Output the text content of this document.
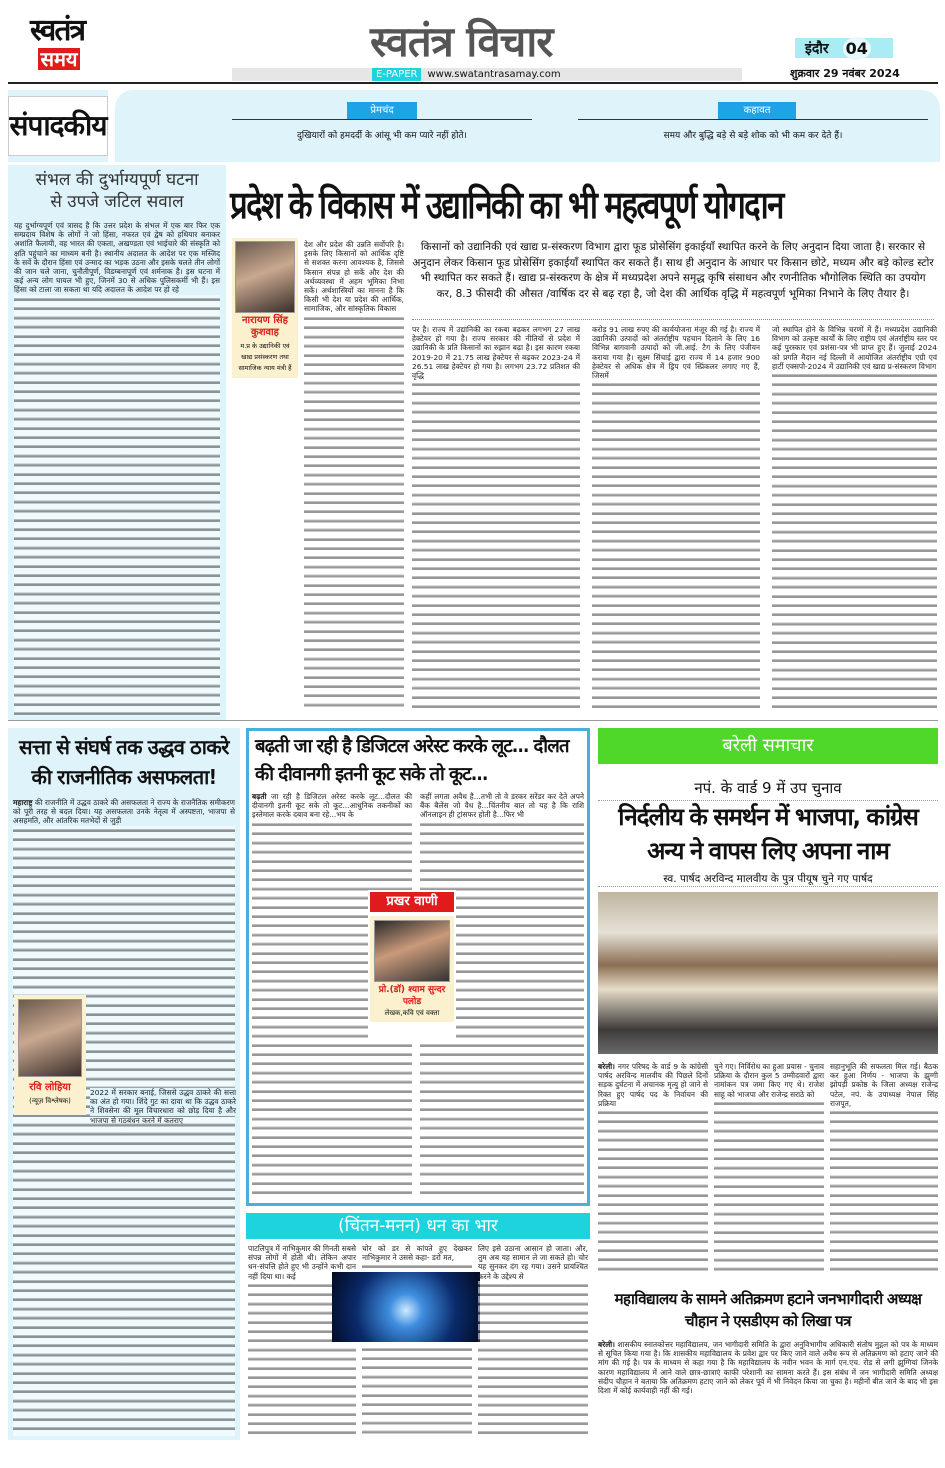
स्वतंत्र
समय	स्वतंत्र विचार
E-PAPER	www.swatantrasamay.com
इंदौर 04
शुक्रवार 29 नवंबर 2024
संपादकीय	प्रेमचंद
दुखियारों को हमदर्दी के आंसू भी कम प्यारे नहीं होते।
कहावत
समय और बुद्धि बड़े से बड़े शोक को भी कम कर देते हैं।
संभल की दुर्भाग्यपूर्ण घटना से उपजे जटिल सवाल
यह दुर्भाग्यपूर्ण एवं त्रासद है कि उत्तर प्रदेश के संभल में एक बार फिर एक सम्प्रदाय विशेष के लोगों ने जो हिंसा, नफरत एवं द्वेष को हथियार बनाकर अशांति फैलायी, वह भारत की एकता, अखण्डता एवं भाईचारे की संस्कृति को क्षति पहुंचाने का माध्यम बनी है। स्थानीय अदालत के आदेश पर एक मस्जिद के सर्वे के दौरान हिंसा एवं उन्माद का भड़क उठना और इसके चलते तीन लोगों की जान चले जाना, चुनौतीपूर्ण, विडम्बनापूर्ण एवं शर्मनाक है। इस घटना में कई अन्य लोग घायल भी हुए, जिनमें 30 से अधिक पुलिसकर्मी भी हैं। इस हिंसा को टाला जा सकता था यदि अदालत के आदेश पर हो रहे
प्रदेश के विकास में उद्यानिकी का भी महत्वपूर्ण योगदान
किसानों को उद्यानिकी एवं खाद्य प्र-संस्करण विभाग द्वारा फूड प्रोसेसिंग इकाईयाँ स्थापित करने के लिए अनुदान दिया जाता है। सरकार से अनुदान लेकर किसान फूड प्रोसेसिंग इकाईयाँ स्थापित कर सकते हैं। साथ ही अनुदान के आधार पर किसान छोटे, मध्यम और बड़े कोल्ड स्टोर भी स्थापित कर सकते हैं। खाद्य प्र-संस्करण के क्षेत्र में मध्यप्रदेश अपने समृद्ध कृषि संसाधन और रणनीतिक भौगोलिक स्थिति का उपयोग कर, 8.3 फीसदी की औसत /वार्षिक दर से बढ़ रहा है, जो देश की आर्थिक वृद्धि में महत्वपूर्ण भूमिका निभाने के लिए तैयार है।
नारायण सिंह कुशवाह
म.प्र के उद्यानिकी एवं खाद्य प्रसंस्करण तथा सामाजिक न्याय मंत्री हैं
देश और प्रदेश की उन्नति सर्वोपरि है। इसके लिए किसानों को आर्थिक दृष्टि से सशक्त करना आवश्यक है, जिससे किसान संपन्न हो सकें और देश की अर्थव्यवस्था में अहम भूमिका निभा सकें। अर्थशास्त्रियों का मानना है कि किसी भी देश या प्रदेश की आर्थिक, सामाजिक, और सांस्कृतिक विकास
पर है। राज्य में उद्यानिकी का रकबा बढ़कर लगभग 27 लाख हेक्टेयर हो गया है। राज्य सरकार की नीतियों से प्रदेश में उद्यानिकी के प्रति किसानों का रुझान बढ़ा है। इस कारण रकबा 2019-20 में 21.75 लाख हेक्टेयर से बढ़कर 2023-24 में 26.51 लाख हेक्टेयर हो गया है। लगभग 23.72 प्रतिशत की वृद्धि
करोड़ 91 लाख रुपए की कार्ययोजना मंजूर की गई है। राज्य में उद्यानिकी उत्पादों को अंतर्राष्ट्रीय पहचान दिलाने के लिए 16 विभिन्न बागवानी उत्पादों को जी.आई. टैग के लिए पंजीयन कराया गया है। सूक्ष्म सिंचाई द्वारा राज्य में 14 हजार 900 हेक्टेयर से अधिक क्षेत्र में ड्रिप एवं स्प्रिंकलर लगाए गए हैं, जिसमें
जो स्थापित होने के विभिन्न चरणों में हैं। मध्यप्रदेश उद्यानिकी विभाग को उत्कृष्ट कार्यों के लिए राष्ट्रीय एवं अंतर्राष्ट्रीय स्तर पर कई पुरस्कार एवं प्रशंसा-पत्र भी प्राप्त हुए हैं। जुलाई 2024 को प्रगति मैदान नई दिल्ली में आयोजित अंतर्राष्ट्रीय एग्री एवं हार्टी एक्सपो-2024 में उद्यानिकी एवं खाद्य प्र-संस्करण विभाग
सत्ता से संघर्ष तक उद्धव ठाकरे की राजनीतिक असफलता!
महाराष्ट्र की राजनीति में उद्धव ठाकरे की असफलता ने राज्य के राजनैतिक समीकरण को पूरी तरह से बदल दिया। यह असफलता उनके नेतृत्व में अस्पष्टता, भाजपा से असहमति, और आंतरिक मतभेदों से जुड़ी
रवि लोहिया
(न्यूज़ विश्लेषक)
2022 में सरकार बनाई, जिससे उद्धव ठाकरे की सत्ता का अंत हो गया। शिंदे गुट का दावा था कि उद्धव ठाकरे ने शिवसेना की मूल विचारधारा को छोड़ दिया है और भाजपा से गठबंधन करने में कतराए
बढ़ती जा रही है डिजिटल अरेस्ट करके लूट... दौलत की दीवानगी इतनी कूट सके तो कूट...
बढ़ती जा रही है डिजिटल अरेस्ट करके लूट...दौलत की दीवानगी इतनी कूट सके तो कूट...आधुनिक तकनीकों का इस्तेमाल करके दबाव बना रहे...भय के
कहीं लगता अवैध है...तभी तो वे डरकर सरेंडर कर देते अपने बैंक बैलेंस जो वैध है...चिंतनीय बात तो यह है कि राशि ऑनलाइन ही ट्रांसफर होती है...फिर भी
प्रखर वाणी
प्रो.(डॉ) श्याम सुन्दर पलोड
लेखक,कवि एवं वक्ता
(चिंतन-मनन) धन का भार
पाटलिपुत्र में नाभिकुमार की गिनती सबसे संपन्न लोगों में होती थी। लेकिन अपार धन-संपत्ति होते हुए भी उन्होंने कभी दान नहीं दिया था। कई
चोर को डर से कांपते हुए देखकर नाभिकुमार ने उससे कहा- डरो मत,
लिए इसे उठाना आसान हो जाता। और, तुम अब यह सामान ले जा सकते हो। चोर यह सुनकर दंग रह गया। उसने प्रायश्चित करने के उद्देश्य से
बरेली समाचार
नपं. के वार्ड 9 में उप चुनाव
निर्दलीय के समर्थन में भाजपा, कांग्रेस अन्य ने वापस लिए अपना नाम
स्व. पार्षद अरविन्द मालवीय के पुत्र पीयूष चुने गए पार्षद
बरेली। नगर परिषद के वार्ड 9 के कांग्रेसी पार्षद अरविन्द मालवीय की पिछले दिनों सड़क दुर्घटना में अचानक मृत्यु हो जाने से रिक्त हुए पार्षद पद के निर्वाचन की प्रक्रिया
चुने गए। निर्विरोध का हुआ प्रयास - चुनाव प्रक्रिया के दौरान कुल 5 उम्मीदवारों द्वारा नामांकन पत्र जमा किए गए थे। राजेश साहू को भाजपा और राजेन्द्र सराठे को
सहानुभूति की सफलता मिल गई। बैठक कर हुआ निर्णय - भाजपा के झुग्गी झोपड़ी प्रकोष्ठ के जिला अध्यक्ष राजेन्द्र पटेल, नपं. के उपाध्यक्ष नेपाल सिंह राजपूत,
महाविद्यालय के सामने अतिक्रमण हटाने जनभागीदारी अध्यक्ष चौहान ने एसडीएम को लिखा पत्र
बरेली। शासकीय स्नातकोत्तर महाविद्यालय, जन भागीदारी समिति के द्वारा अनुविभागीय अधिकारी संतोष मुद्गल को पत्र के माध्यम से सूचित किया गया है। कि शासकीय महाविद्यालय के प्रवेश द्वार पर किए जाने वाले अवैध रूप से अतिक्रमण को हटाए जाने की मांग की गई है। पत्र के माध्यम से कहा गया है कि महाविद्यालय के नवीन भवन के मार्ग एन.एच. रोड से लगी झुग्गियां जिनके कारण महाविद्यालय में आने वाले छात्र-छात्राएं काफी परेशानी का सामना करते हैं। इस संबंध में जन भागीदारी समिति अध्यक्ष संदीप चौहान ने बताया कि अतिक्रमण हटाए जाने को लेकर पूर्व में भी निवेदन किया जा चुका है। महीनों बीत जाने के बाद भी इस दिशा में कोई कार्यवाही नहीं की गई।
